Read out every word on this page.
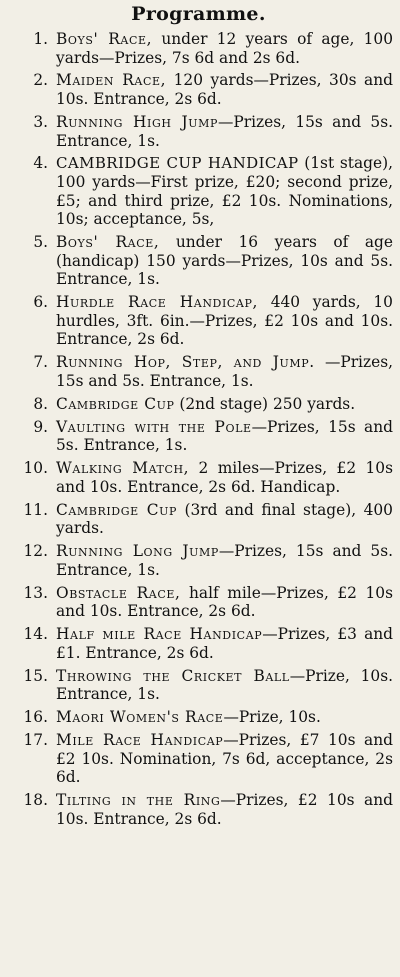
Programme.
1. Boys' Race, under 12 years of age, 100 yards—Prizes, 7s 6d and 2s 6d.
2. Maiden Race, 120 yards—Prizes, 30s and 10s. Entrance, 2s 6d.
3. Running High Jump—Prizes, 15s and 5s. Entrance, 1s.
4. CAMBRIDGE CUP HANDICAP (1st stage), 100 yards—First prize, £20; second prize, £5; and third prize, £2 10s. Nominations, 10s; acceptance, 5s,
5. Boys' Race, under 16 years of age (handicap) 150 yards—Prizes, 10s and 5s. Entrance, 1s.
6. Hurdle Race Handicap, 440 yards, 10 hurdles, 3ft. 6in.—Prizes, £2 10s and 10s. Entrance, 2s 6d.
7. Running Hop, Step, and Jump. —Prizes, 15s and 5s. Entrance, 1s.
8. Cambridge Cup (2nd stage) 250 yards.
9. Vaulting with the Pole—Prizes, 15s and 5s. Entrance, 1s.
10. Walking Match, 2 miles—Prizes, £2 10s and 10s. Entrance, 2s 6d. Handicap.
11. Cambridge Cup (3rd and final stage), 400 yards.
12. Running Long Jump—Prizes, 15s and 5s. Entrance, 1s.
13. Obstacle Race, half mile—Prizes, £2 10s and 10s. Entrance, 2s 6d.
14. Half mile Race Handicap—Prizes, £3 and £1. Entrance, 2s 6d.
15. Throwing the Cricket Ball—Prize, 10s. Entrance, 1s.
16. Maori Women's Race—Prize, 10s.
17. Mile Race Handicap—Prizes, £7 10s and £2 10s. Nomination, 7s 6d, acceptance, 2s 6d.
18. Tilting in the Ring—Prizes, £2 10s and 10s. Entrance, 2s 6d.
